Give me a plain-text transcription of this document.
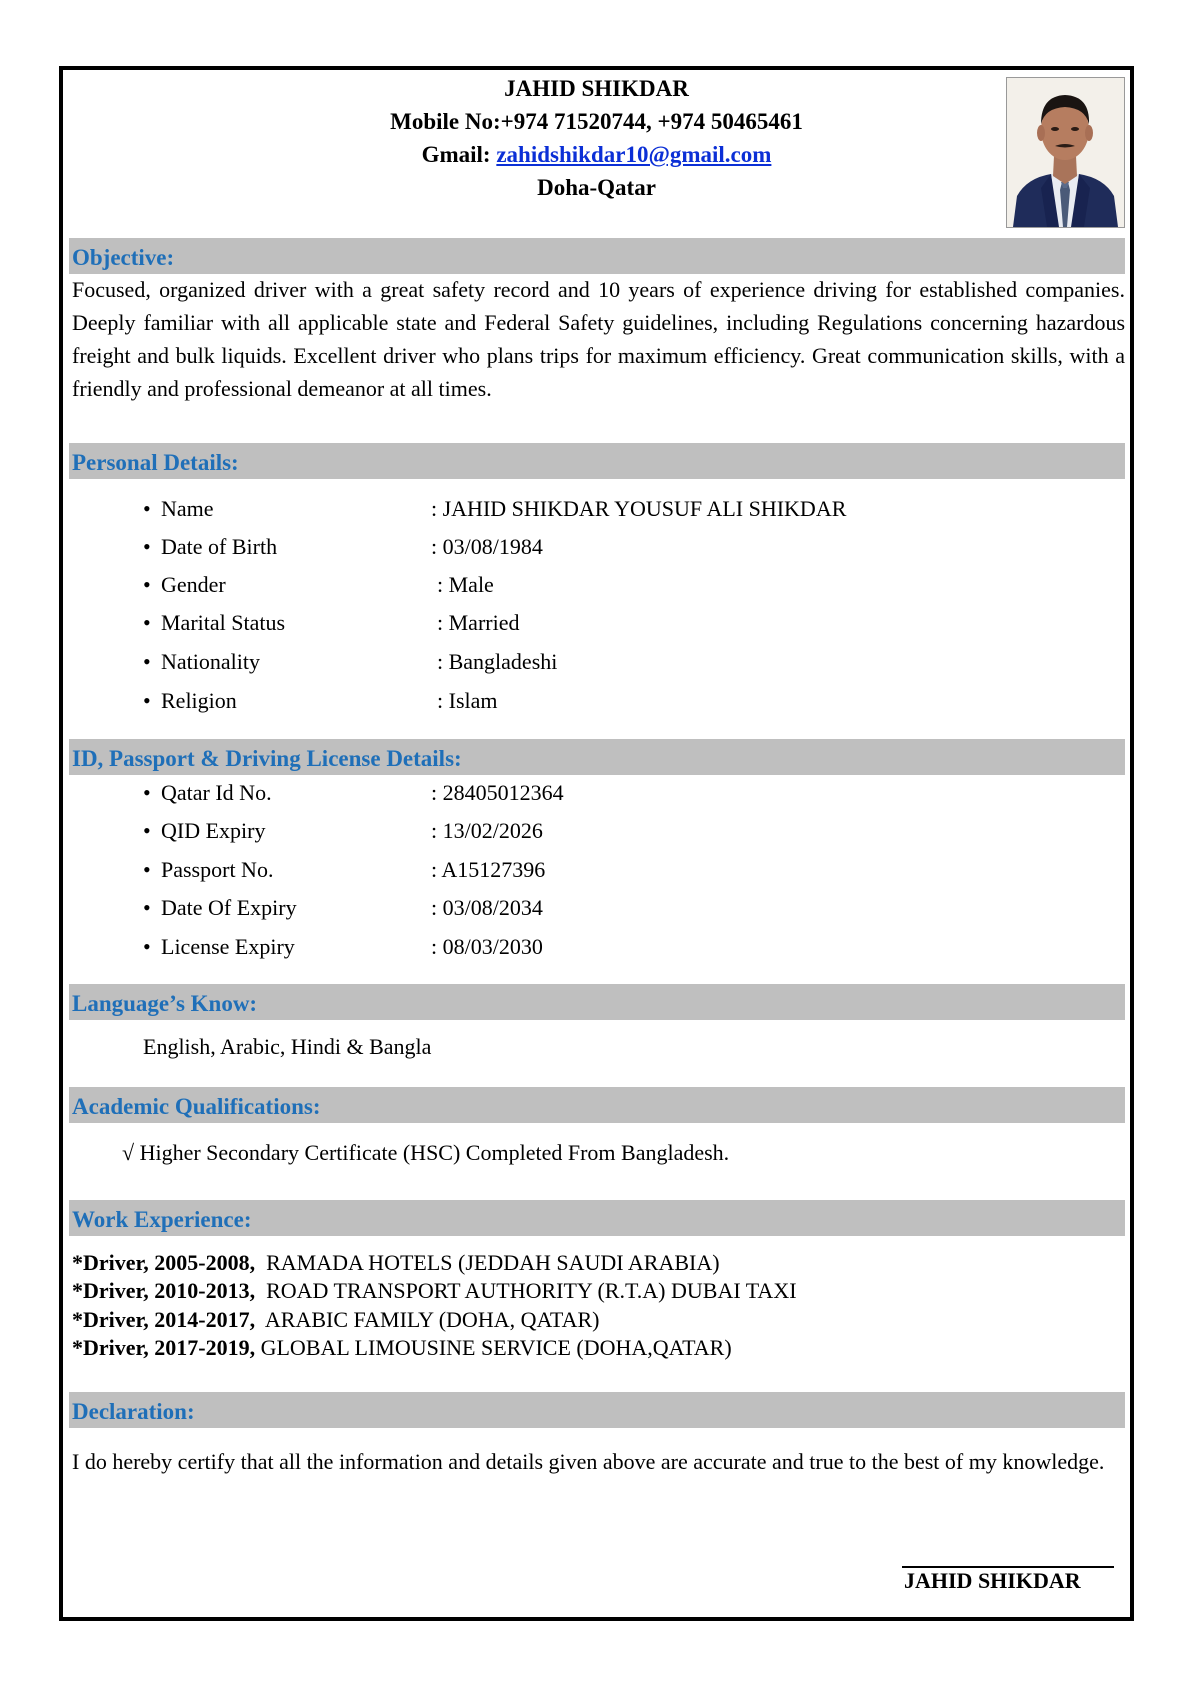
JAHID SHIKDAR
Mobile No:+974 71520744, +974 50465461
Gmail: zahidshikdar10@gmail.com
Doha-Qatar
Objective:
Focused, organized driver with a great safety record and 10 years of experience driving for established companies. Deeply familiar with all applicable state and Federal Safety guidelines, including Regulations concerning hazardous freight and bulk liquids. Excellent driver who plans trips for maximum efficiency. Great communication skills, with a friendly and professional demeanor at all times.
Personal Details:
• Name	: JAHID SHIKDAR YOUSUF ALI SHIKDAR
• Date of Birth	: 03/08/1984
• Gender	: Male
• Marital Status	: Married
• Nationality	: Bangladeshi
• Religion	: Islam
ID, Passport & Driving License Details:
• Qatar Id No.	: 28405012364
• QID Expiry	: 13/02/2026
• Passport No.	: A15127396
• Date Of Expiry	: 03/08/2034
• License Expiry	: 08/03/2030
Language’s Know:
English, Arabic, Hindi & Bangla
Academic Qualifications:
√ Higher Secondary Certificate (HSC) Completed From Bangladesh.
Work Experience:
*Driver, 2005-2008, RAMADA HOTELS (JEDDAH SAUDI ARABIA)
*Driver, 2010-2013, ROAD TRANSPORT AUTHORITY (R.T.A) DUBAI TAXI
*Driver, 2014-2017, ARABIC FAMILY (DOHA, QATAR)
*Driver, 2017-2019, GLOBAL LIMOUSINE SERVICE (DOHA,QATAR)
Declaration:
I do hereby certify that all the information and details given above are accurate and true to the best of my knowledge.
JAHID SHIKDAR
